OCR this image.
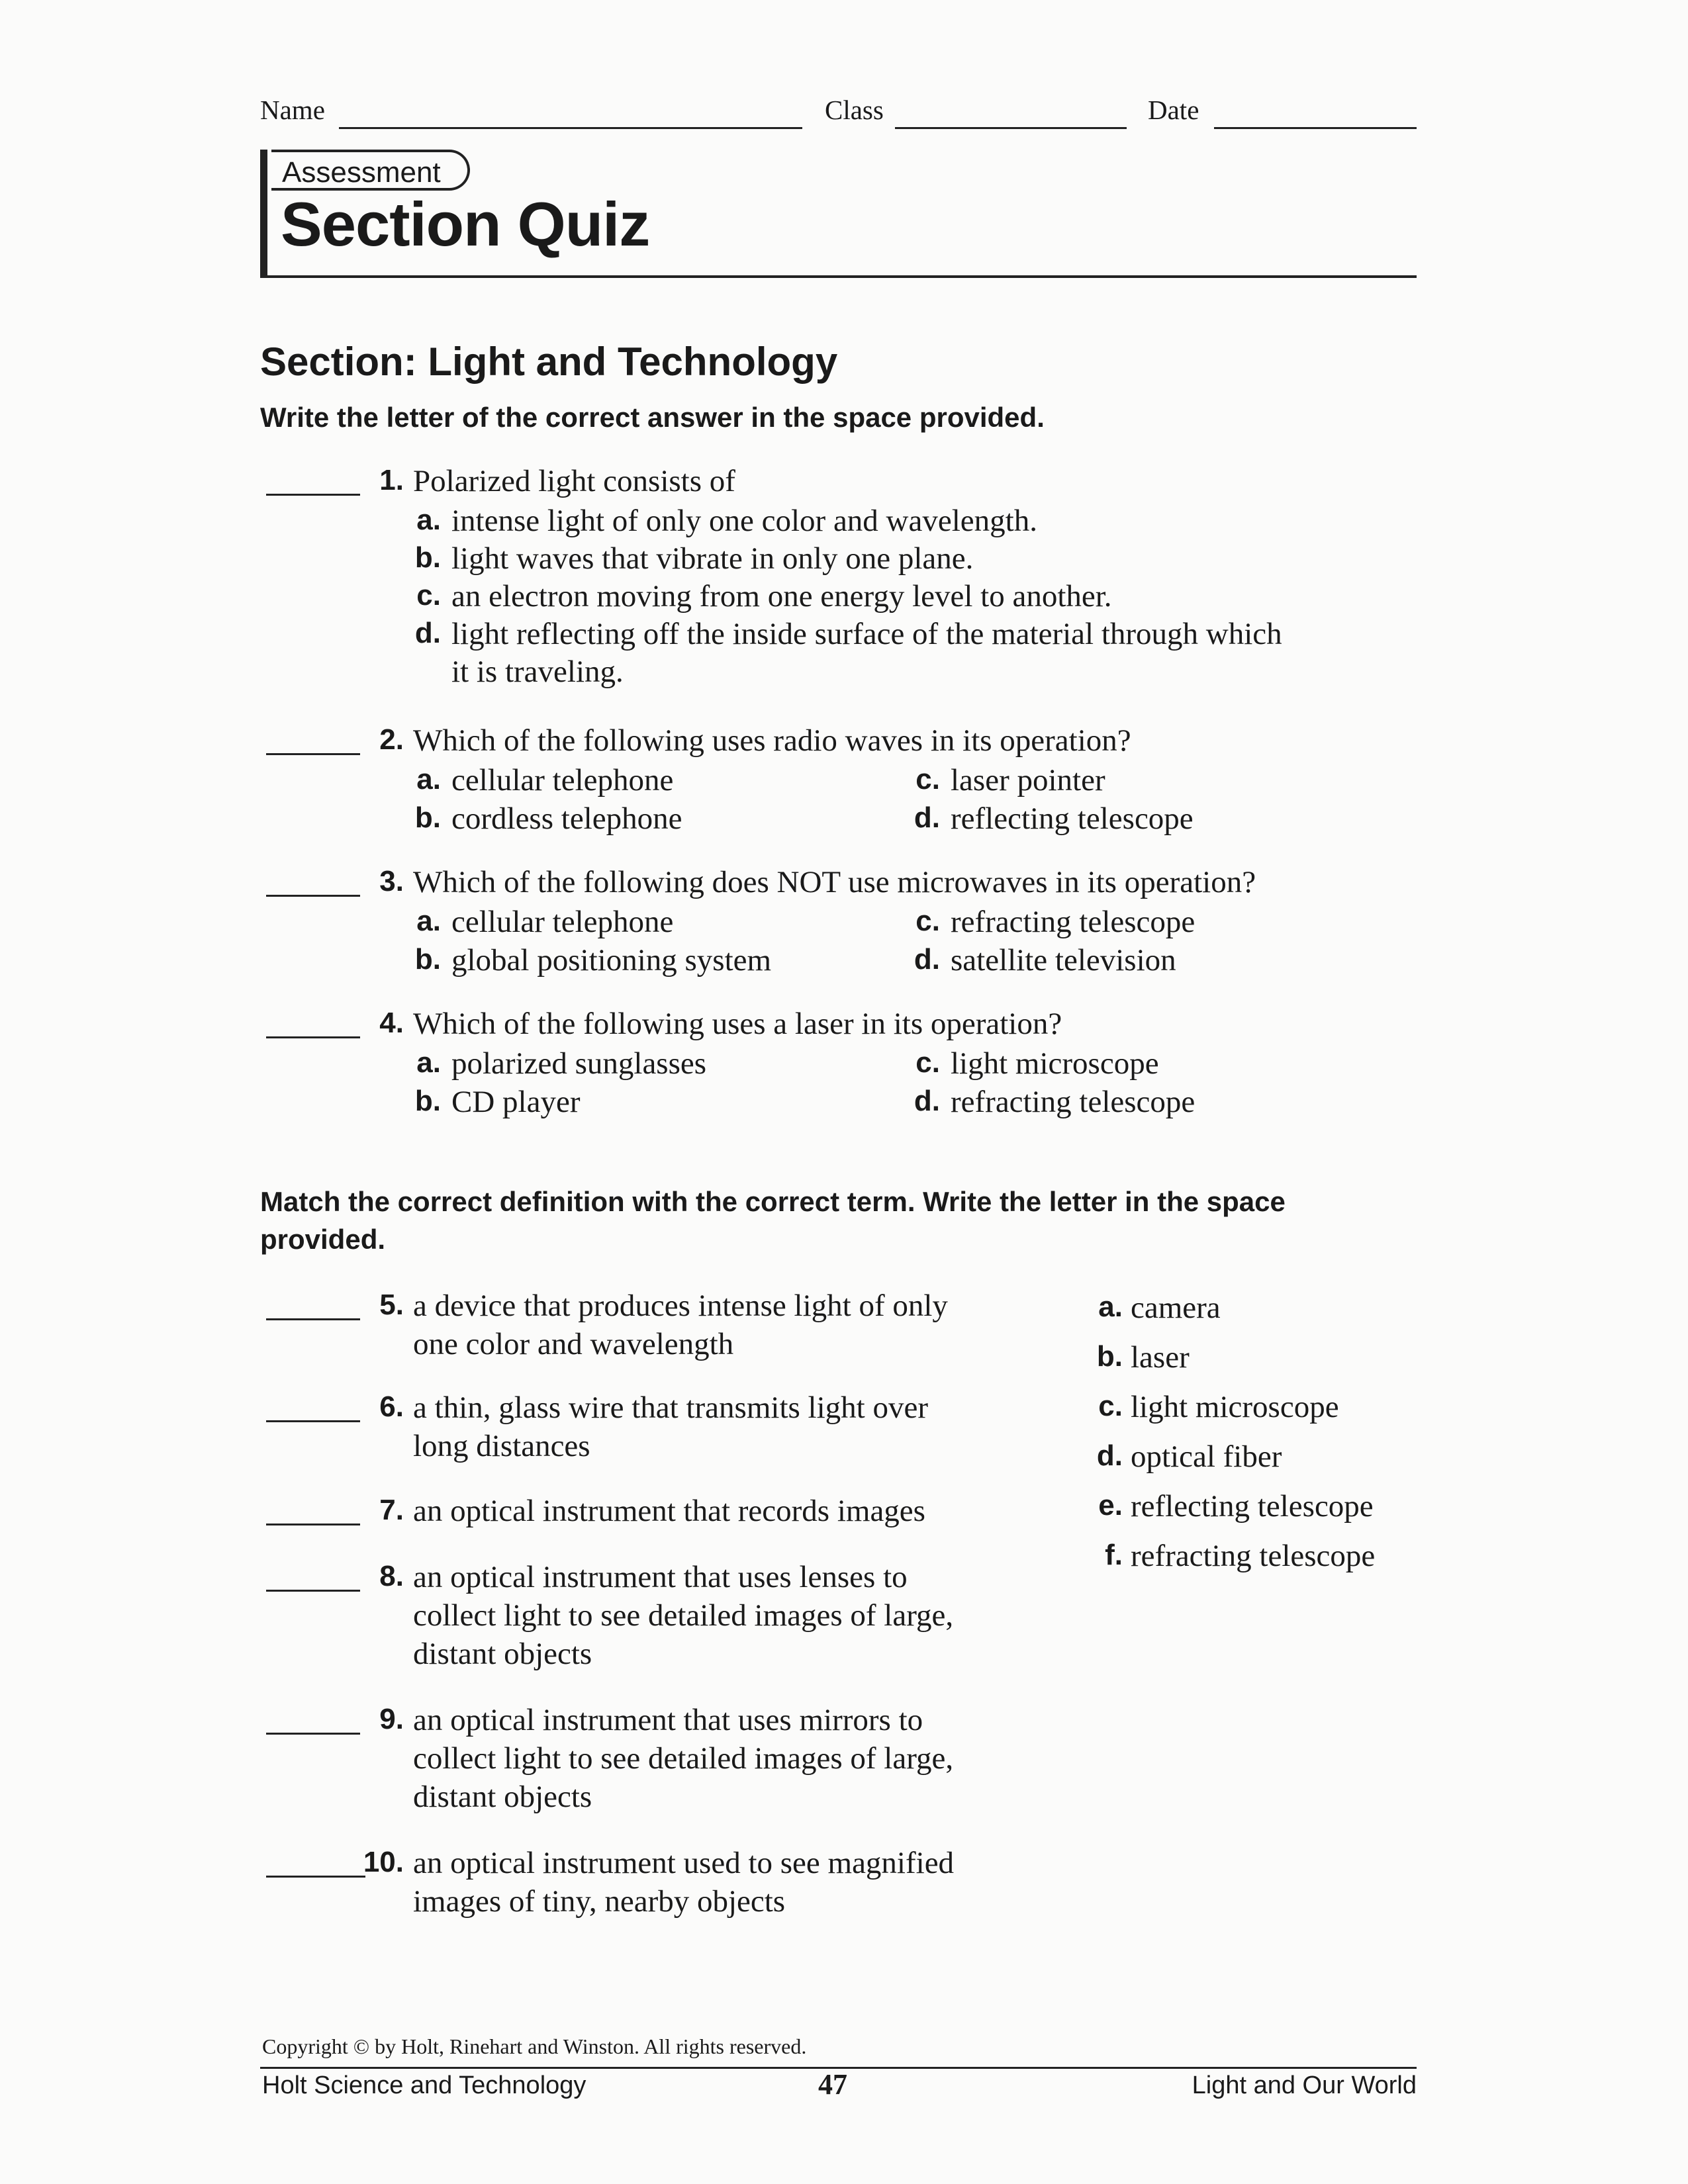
Name	Class	Date
Assessment
Section Quiz
Section: Light and Technology
Write the letter of the correct answer in the space provided.
1. Polarized light consists of
a. intense light of only one color and wavelength.
b. light waves that vibrate in only one plane.
c. an electron moving from one energy level to another.
d. light reflecting off the inside surface of the material through which
it is traveling.
2. Which of the following uses radio waves in its operation?
a. cellular telephone
b. cordless telephone
c. laser pointer
d. reflecting telescope
3. Which of the following does NOT use microwaves in its operation?
a. cellular telephone
b. global positioning system
c. refracting telescope
d. satellite television
4. Which of the following uses a laser in its operation?
a. polarized sunglasses
b. CD player
c. light microscope
d. refracting telescope
Match the correct definition with the correct term. Write the letter in the space
provided.
5. a device that produces intense light of only
one color and wavelength
6. a thin, glass wire that transmits light over
long distances
7. an optical instrument that records images
8. an optical instrument that uses lenses to
collect light to see detailed images of large,
distant objects
9. an optical instrument that uses mirrors to
collect light to see detailed images of large,
distant objects
10. an optical instrument used to see magnified
images of tiny, nearby objects
a. camera
b. laser
c. light microscope
d. optical fiber
e. reflecting telescope
f. refracting telescope
Copyright © by Holt, Rinehart and Winston. All rights reserved.
Holt Science and Technology	47	Light and Our World
